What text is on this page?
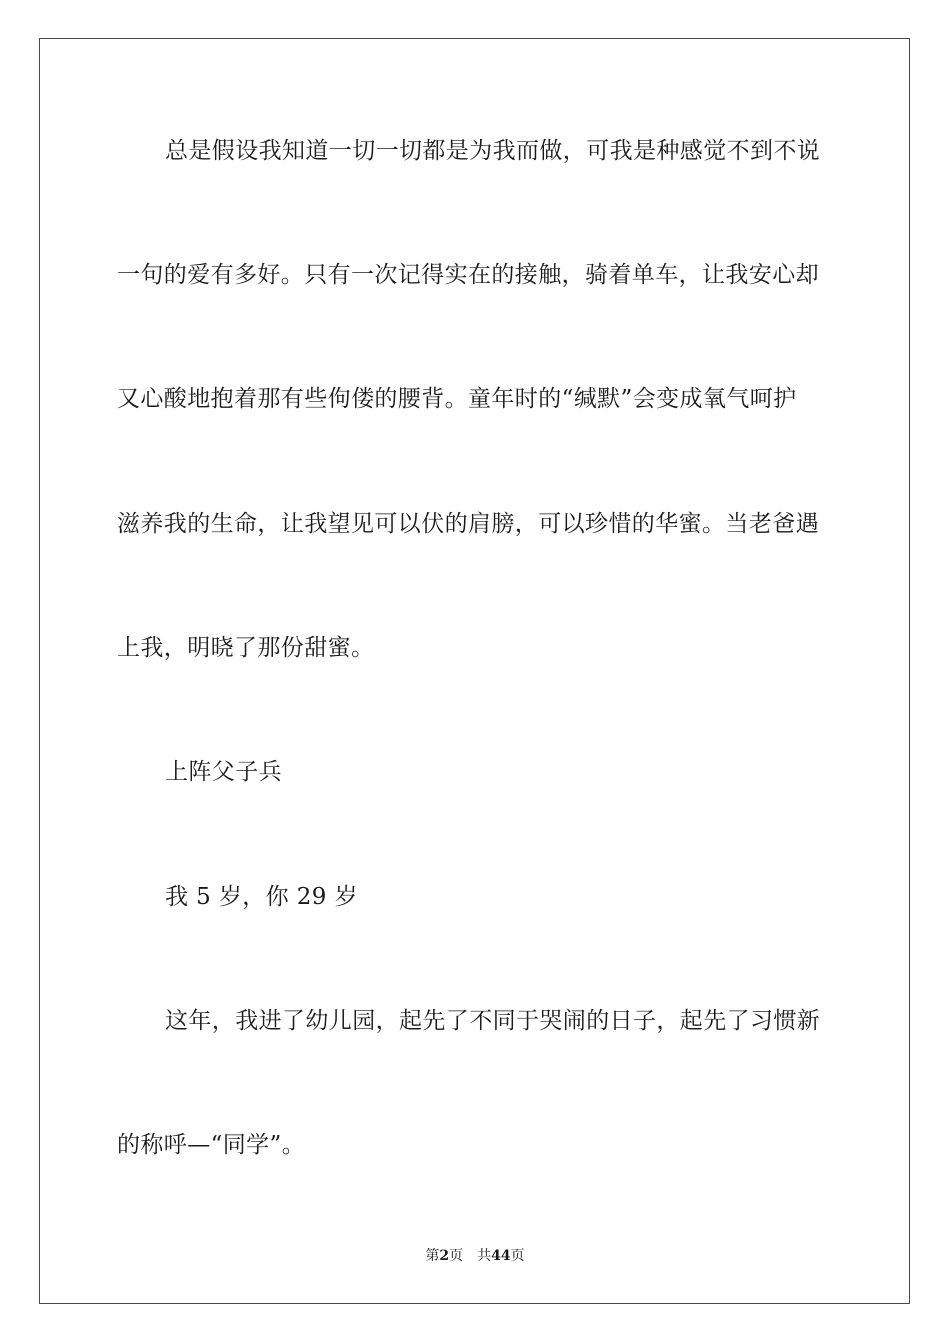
总是假设我知道一切一切都是为我而做，可我是种感觉不到不说
一句的爱有多好。只有一次记得实在的接触，骑着单车，让我安心却
又心酸地抱着那有些佝偻的腰背。童年时的“缄默”会变成氧气呵护
滋养我的生命，让我望见可以伏的肩膀，可以珍惜的华蜜。当老爸遇
上我，明晓了那份甜蜜。
上阵父子兵
我 5 岁，你 29 岁
这年，我进了幼儿园，起先了不同于哭闹的日子，起先了习惯新
的称呼—“同学”。
第2页 共44页
